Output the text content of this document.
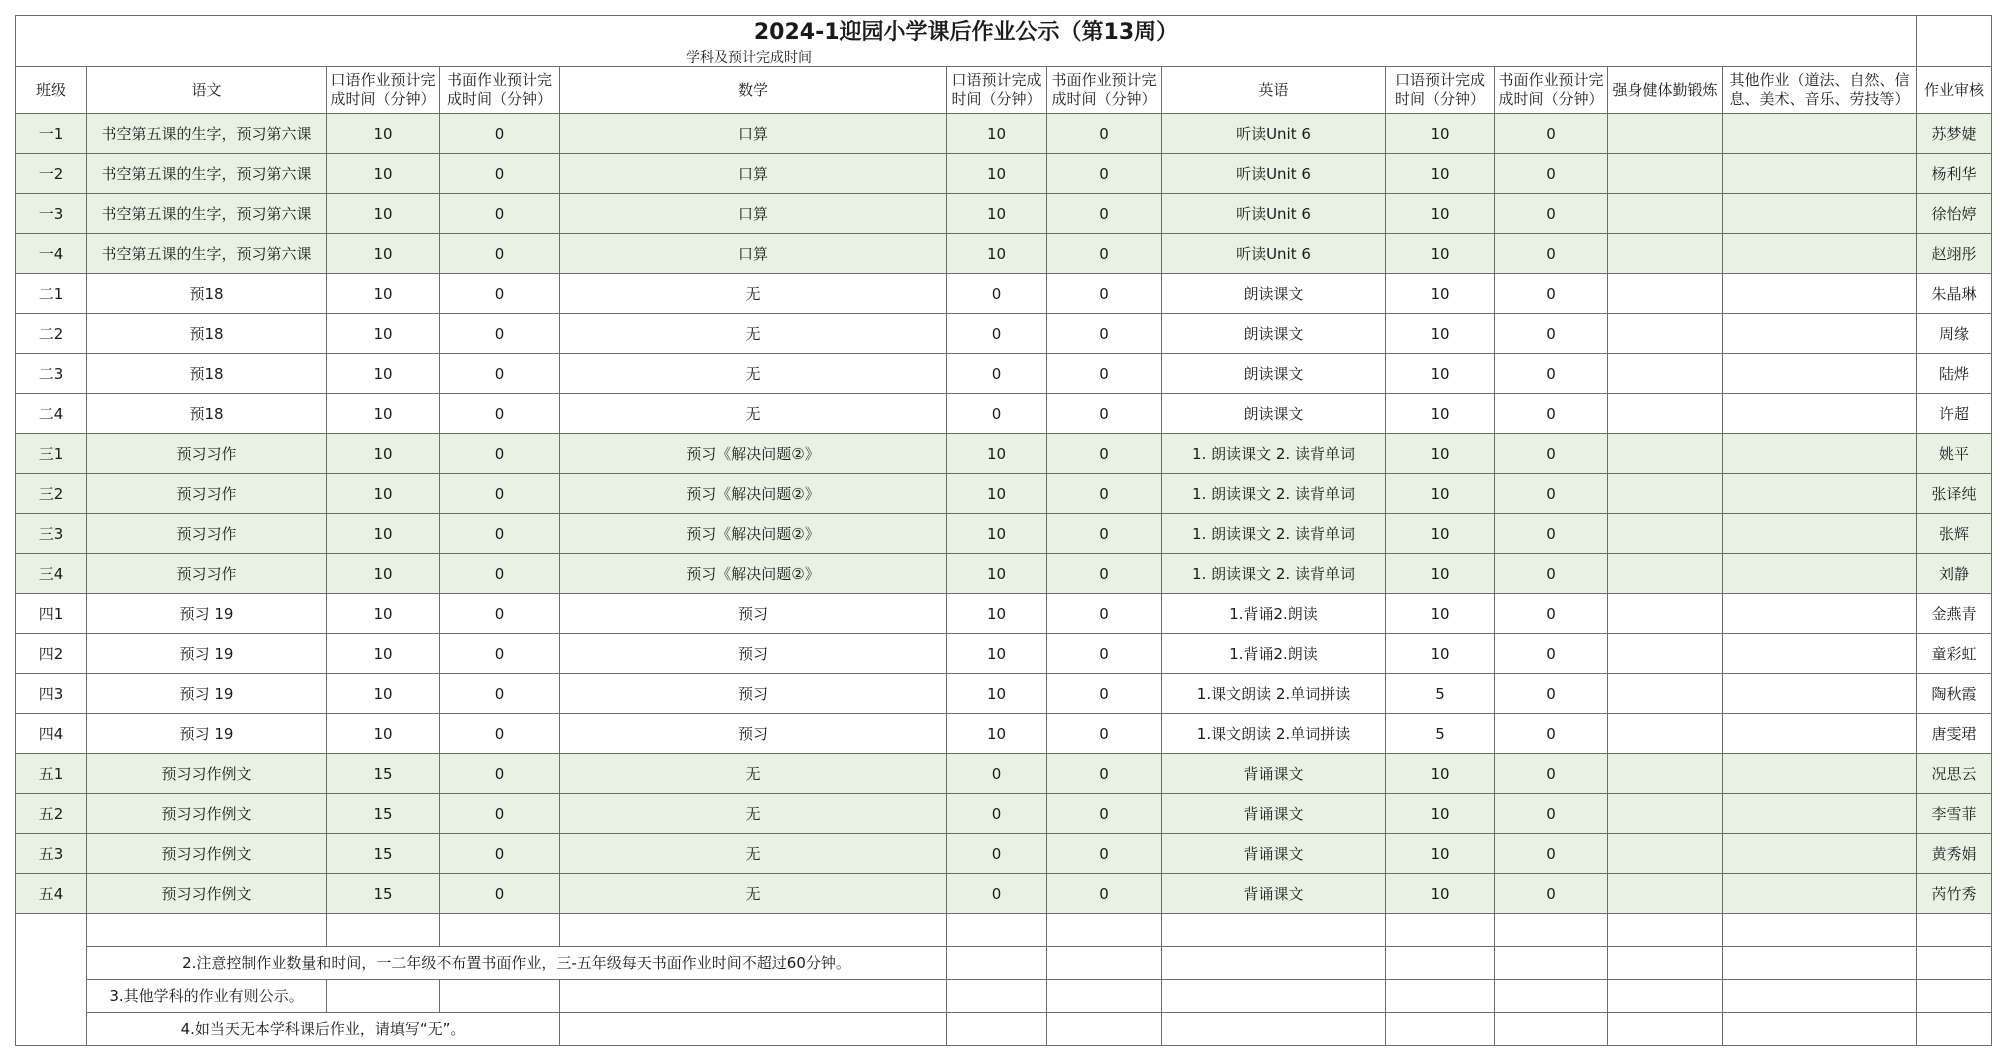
2024-1迎园小学课后作业公示（第13周）												
学科及预计完成时间												
班级	语文	口语作业预计完成时间（分钟）	书面作业预计完成时间（分钟）	数学	口语预计完成时间（分钟）	书面作业预计完成时间（分钟）	英语	口语预计完成时间（分钟）	书面作业预计完成时间（分钟）	强身健体勤锻炼	其他作业（道法、自然、信息、美术、音乐、劳技等）	作业审核
一1	书空第五课的生字，预习第六课	10	0	口算	10	0	听读Unit 6	10	0			苏梦婕
一2	书空第五课的生字，预习第六课	10	0	口算	10	0	听读Unit 6	10	0			杨利华
一3	书空第五课的生字，预习第六课	10	0	口算	10	0	听读Unit 6	10	0			徐怡婷
一4	书空第五课的生字，预习第六课	10	0	口算	10	0	听读Unit 6	10	0			赵翊彤
二1	预18	10	0	无	0	0	朗读课文	10	0			朱晶琳
二2	预18	10	0	无	0	0	朗读课文	10	0			周缘
二3	预18	10	0	无	0	0	朗读课文	10	0			陆烨
二4	预18	10	0	无	0	0	朗读课文	10	0			许超
三1	预习习作	10	0	预习《解决问题②》	10	0	1. 朗读课文 2. 读背单词	10	0			姚平
三2	预习习作	10	0	预习《解决问题②》	10	0	1. 朗读课文 2. 读背单词	10	0			张译纯
三3	预习习作	10	0	预习《解决问题②》	10	0	1. 朗读课文 2. 读背单词	10	0			张辉
三4	预习习作	10	0	预习《解决问题②》	10	0	1. 朗读课文 2. 读背单词	10	0			刘静
四1	预习 19	10	0	预习	10	0	1.背诵2.朗读	10	0			金燕青
四2	预习 19	10	0	预习	10	0	1.背诵2.朗读	10	0			童彩虹
四3	预习 19	10	0	预习	10	0	1.课文朗读 2.单词拼读	5	0			陶秋霞
四4	预习 19	10	0	预习	10	0	1.课文朗读 2.单词拼读	5	0			唐雯珺
五1	预习习作例文	15	0	无	0	0	背诵课文	10	0			况思云
五2	预习习作例文	15	0	无	0	0	背诵课文	10	0			李雪菲
五3	预习习作例文	15	0	无	0	0	背诵课文	10	0			黄秀娟
五4	预习习作例文	15	0	无	0	0	背诵课文	10	0			芮竹秀

	2.注意控制作业数量和时间，一二年级不布置书面作业，三-五年级每天书面作业时间不超过60分钟。											
	3.其他学科的作业有则公示。											
	4.如当天无本学科课后作业，请填写“无”。											
